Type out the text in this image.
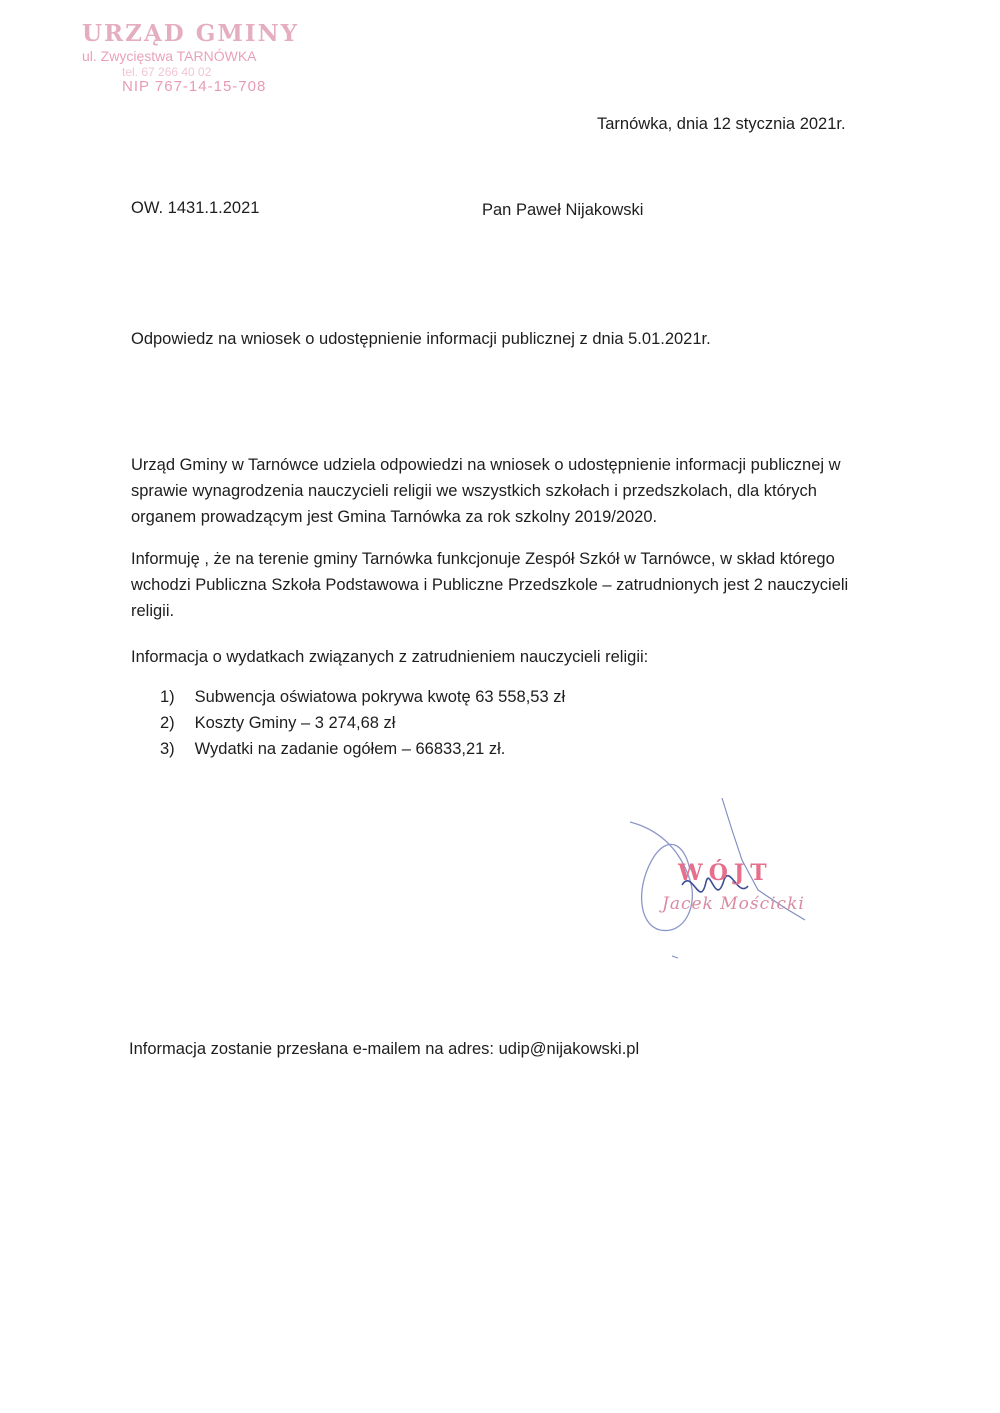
URZĄD GMINY
ul. Zwycięstwa TARNÓWKA
tel. 67 266 40 02
NIP 767-14-15-708
Tarnówka, dnia 12 stycznia 2021r.
OW. 1431.1.2021	Pan Paweł Nijakowski
Odpowiedz na wniosek o udostępnienie informacji publicznej z dnia 5.01.2021r.
Urząd Gminy w Tarnówce udziela odpowiedzi na wniosek o udostępnienie informacji publicznej w
sprawie wynagrodzenia nauczycieli religii we wszystkich szkołach i przedszkolach, dla których
organem prowadzącym jest Gmina Tarnówka za rok szkolny 2019/2020.
Informuję , że na terenie gminy Tarnówka funkcjonuje Zespół Szkół w Tarnówce, w skład którego
wchodzi Publiczna Szkoła Podstawowa i Publiczne Przedszkole – zatrudnionych jest 2 nauczycieli
religii.
Informacja o wydatkach związanych z zatrudnieniem nauczycieli religii:
1) Subwencja oświatowa pokrywa kwotę 63 558,53 zł
2) Koszty Gminy – 3 274,68 zł
3) Wydatki na zadanie ogółem – 66833,21 zł.
WÓJT
Jacek Mościcki
Informacja zostanie przesłana e-mailem na adres: udip@nijakowski.pl
